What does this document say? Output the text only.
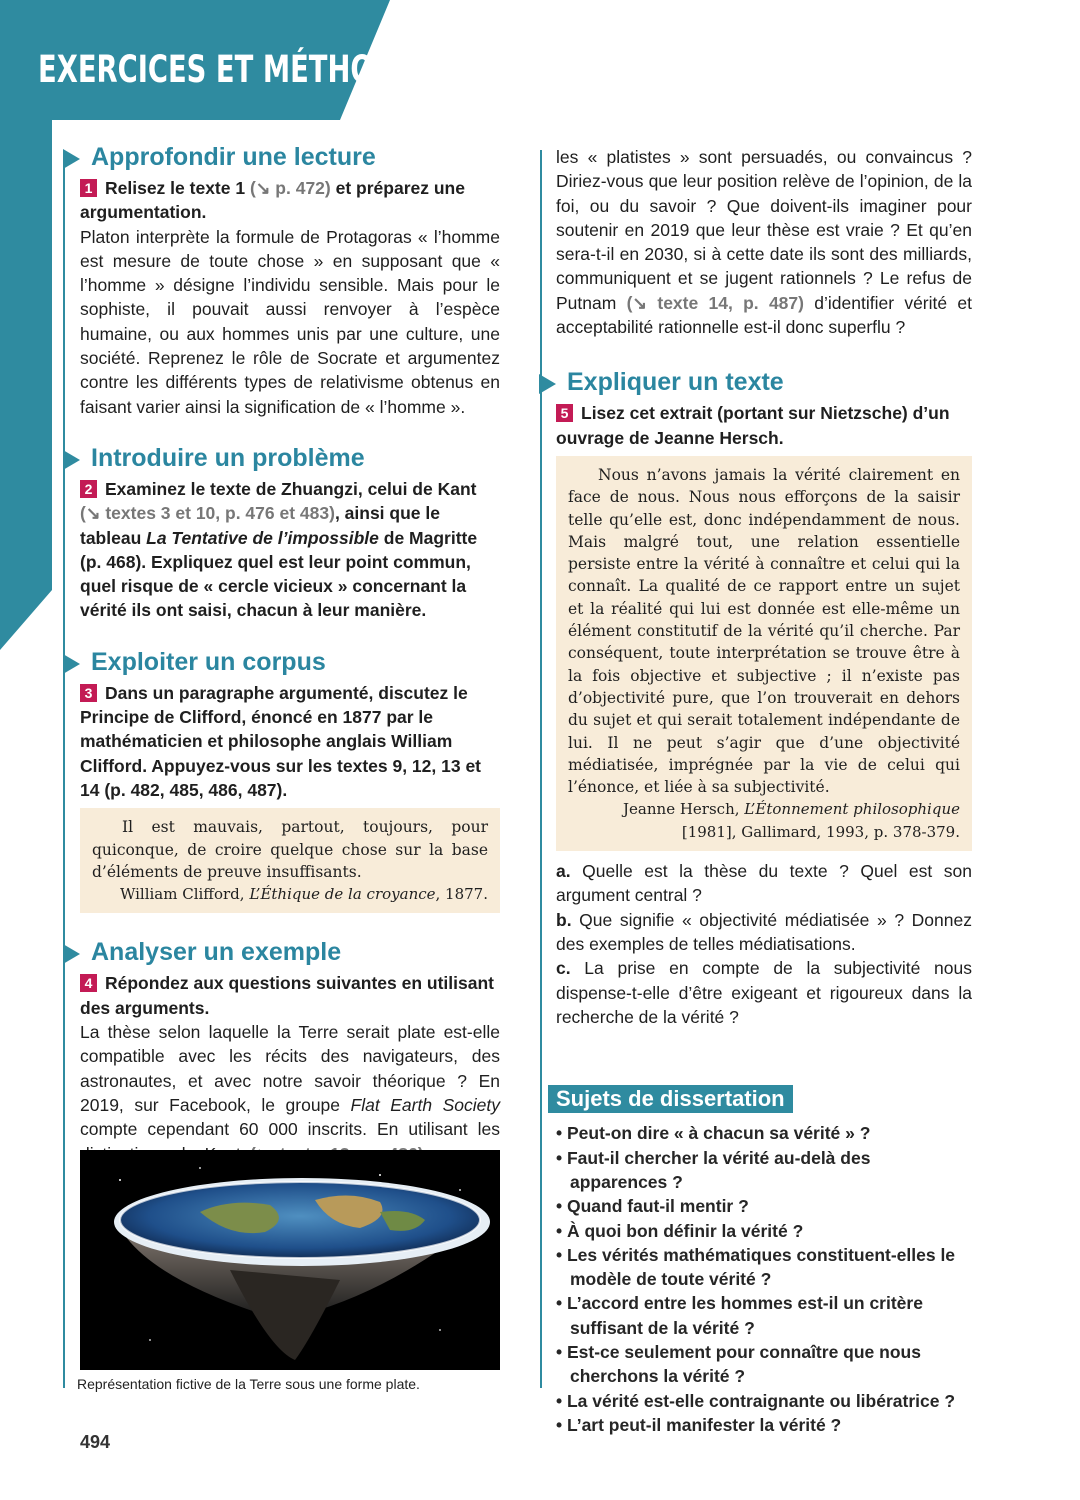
EXERCICES ET MÉTHODES
Approfondir une lecture

1 Relisez le texte 1 (↘ p. 472) et préparez une argumentation.

Platon interprète la formule de Protagoras « l’homme est mesure de toute chose » en supposant que « l’homme » désigne l’individu sensible. Mais pour le sophiste, il pouvait aussi renvoyer à l’espèce humaine, ou aux hommes unis par une culture, une société. Reprenez le rôle de Socrate et argumentez contre les différents types de relativisme obtenus en faisant varier ainsi la signification de « l’homme ».

Introduire un problème

2 Examinez le texte de Zhuangzi, celui de Kant (↘ textes 3 et 10, p. 476 et 483), ainsi que le tableau La Tentative de l’impossible de Magritte (p. 468). Expliquez quel est leur point commun, quel risque de « cercle vicieux » concernant la vérité ils ont saisi, chacun à leur manière.

Exploiter un corpus

3 Dans un paragraphe argumenté, discutez le Principe de Clifford, énoncé en 1877 par le mathématicien et philosophe anglais William Clifford. Appuyez-vous sur les textes 9, 12, 13 et 14 (p. 482, 485, 486, 487).

Il est mauvais, partout, toujours, pour quiconque, de croire quelque chose sur la base d’éléments de preuve insuffisants.

William Clifford, L’Éthique de la croyance, 1877.

Analyser un exemple

4 Répondez aux questions suivantes en utilisant des arguments.

La thèse selon laquelle la Terre serait plate est-elle compatible avec les récits des navigateurs, des astronautes, et avec notre savoir théorique ? En 2019, sur Facebook, le groupe Flat Earth Society compte cependant 60 000 inscrits. En utilisant les

Représentation fictive de la Terre sous une forme plate.

les « platistes » sont persuadés, ou convaincus ? Diriez-vous que leur position relève de l’opinion, de la foi, ou du savoir ? Que doivent-ils imaginer pour soutenir en 2019 que leur thèse est vraie ? Et qu’en sera-t-il en 2030, si à cette date ils sont des milliards, communiquent et se jugent rationnels ? Le refus de Putnam (↘ texte 14, p. 487) d’identifier vérité et acceptabilité rationnelle est-il donc superflu ?

Expliquer un texte

5 Lisez cet extrait (portant sur Nietzsche) d’un ouvrage de Jeanne Hersch.

Nous n’avons jamais la vérité clairement en face de nous. Nous nous efforçons de la saisir telle qu’elle est, donc indépendamment de nous. Mais malgré tout, une relation essentielle persiste entre la vérité à connaître et celui qui la connaît. La qualité de ce rapport entre un sujet et la réalité qui lui est donnée est elle-même un élément constitutif de la vérité qu’il cherche. Par conséquent, toute interprétation se trouve être à la fois objective et subjective ; il n’existe pas d’objectivité pure, que l’on trouverait en dehors du sujet et qui serait totalement indépendante de lui. Il ne peut s’agir que d’une objectivité médiatisée, imprégnée par la vie de celui qui l’énonce, et liée à sa subjectivité.

Jeanne Hersch, L’Étonnement philosophique [1981], Gallimard, 1993, p. 378-379.

a. Quelle est la thèse du texte ? Quel est son argument central ?

b. Que signifie « objectivité médiatisée » ? Donnez des exemples de telles médiatisations.

c. La prise en compte de la subjectivité nous dispense-t-elle d’être exigeant et rigoureux dans la recherche de la vérité ?

Sujets de dissertation
• Peut-on dire « à chacun sa vérité » ?
• Faut-il chercher la vérité au-delà des apparences ?
• Quand faut-il mentir ?
• À quoi bon définir la vérité ?
• Les vérités mathématiques constituent-elles le modèle de toute vérité ?
• L’accord entre les hommes est-il un critère suffisant de la vérité ?
• Est-ce seulement pour connaître que nous cherchons la vérité ?
• La vérité est-elle contraignante ou libératrice ?
• L’art peut-il manifester la vérité ?

494
